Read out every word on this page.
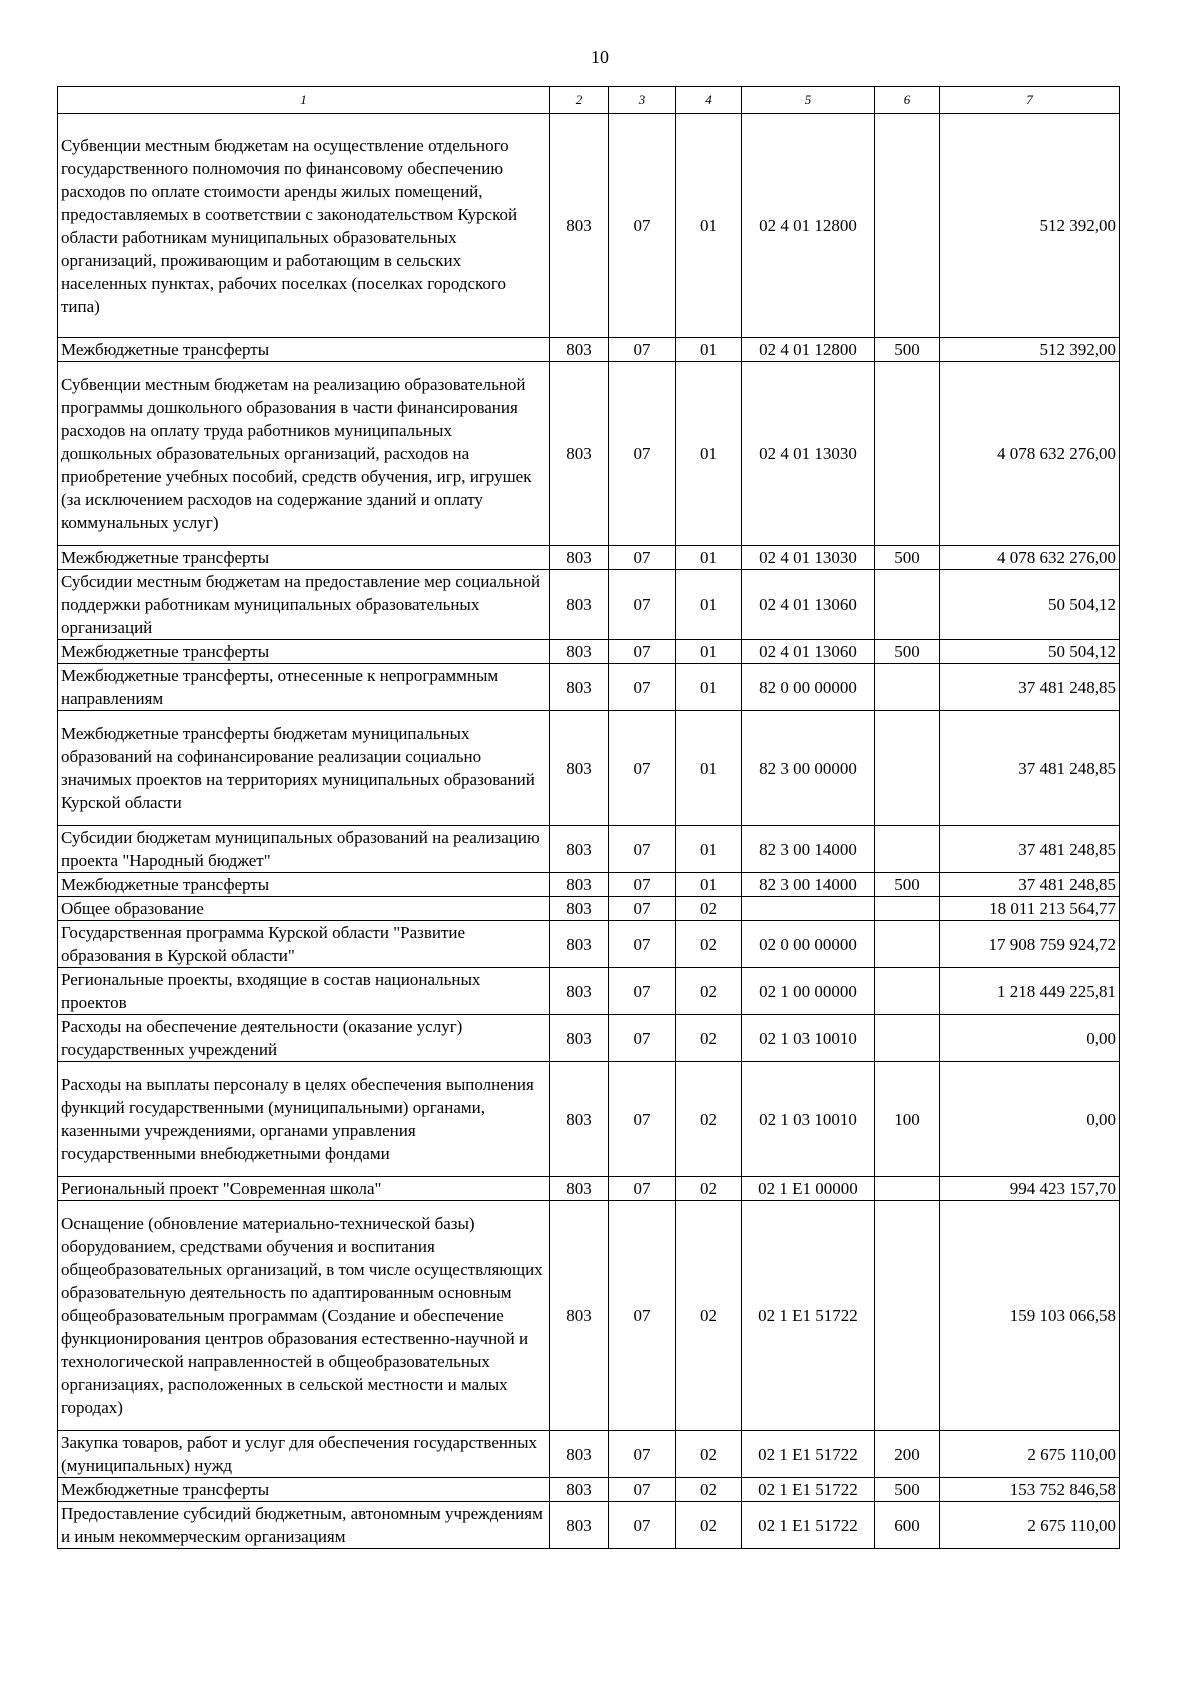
10
1	2	3	4	5	6	7
Субвенции местным бюджетам на осуществление отдельного государственного полномочия по финансовому обеспечению расходов по оплате стоимости аренды жилых помещений, предоставляемых в соответствии с законодательством Курской области работникам муниципальных образовательных организаций, проживающим и работающим в сельских населенных пунктах, рабочих поселках (поселках городского типа)	803	07	01	02 4 01 12800		512 392,00
Межбюджетные трансферты	803	07	01	02 4 01 12800	500	512 392,00
Субвенции местным бюджетам на реализацию образовательной программы дошкольного образования в части финансирования расходов на оплату труда работников муниципальных дошкольных образовательных организаций, расходов на приобретение учебных пособий, средств обучения, игр, игрушек (за исключением расходов на содержание зданий и оплату коммунальных услуг)	803	07	01	02 4 01 13030		4 078 632 276,00
Межбюджетные трансферты	803	07	01	02 4 01 13030	500	4 078 632 276,00
Субсидии местным бюджетам на предоставление мер социальной поддержки работникам муниципальных образовательных организаций	803	07	01	02 4 01 13060		50 504,12
Межбюджетные трансферты	803	07	01	02 4 01 13060	500	50 504,12
Межбюджетные трансферты, отнесенные к непрограммным направлениям	803	07	01	82 0 00 00000		37 481 248,85
Межбюджетные трансферты бюджетам муниципальных образований на софинансирование реализации социально значимых проектов на территориях муниципальных образований Курской области	803	07	01	82 3 00 00000		37 481 248,85
Субсидии бюджетам муниципальных образований на реализацию проекта "Народный бюджет"	803	07	01	82 3 00 14000		37 481 248,85
Межбюджетные трансферты	803	07	01	82 3 00 14000	500	37 481 248,85
Общее образование	803	07	02			18 011 213 564,77
Государственная программа Курской области "Развитие образования в Курской области"	803	07	02	02 0 00 00000		17 908 759 924,72
Региональные проекты, входящие в состав национальных проектов	803	07	02	02 1 00 00000		1 218 449 225,81
Расходы на обеспечение деятельности (оказание услуг) государственных учреждений	803	07	02	02 1 03 10010		0,00
Расходы на выплаты персоналу в целях обеспечения выполнения функций государственными (муниципальными) органами, казенными учреждениями, органами управления государственными внебюджетными фондами	803	07	02	02 1 03 10010	100	0,00
Региональный проект "Современная школа"	803	07	02	02 1 E1 00000		994 423 157,70
Оснащение (обновление материально-технической базы) оборудованием, средствами обучения и воспитания общеобразовательных организаций, в том числе осуществляющих образовательную деятельность по адаптированным основным общеобразовательным программам (Создание и обеспечение функционирования центров образования естественно-научной и технологической направленностей в общеобразовательных организациях, расположенных в сельской местности и малых городах)	803	07	02	02 1 E1 51722		159 103 066,58
Закупка товаров, работ и услуг для обеспечения государственных (муниципальных) нужд	803	07	02	02 1 E1 51722	200	2 675 110,00
Межбюджетные трансферты	803	07	02	02 1 E1 51722	500	153 752 846,58
Предоставление субсидий бюджетным, автономным учреждениям и иным некоммерческим организациям	803	07	02	02 1 E1 51722	600	2 675 110,00
